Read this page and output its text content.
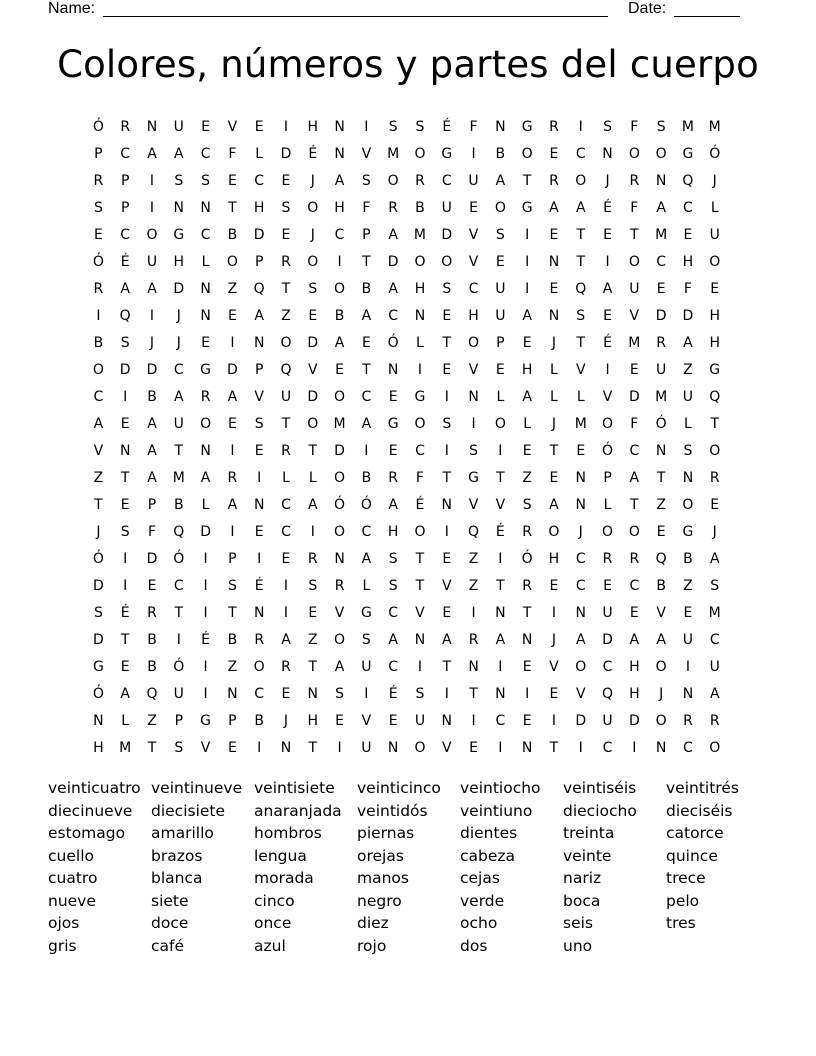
Name:	Date:
Colores, números y partes del cuerpo
Ó	R	N	U	E	V	E	I	H	N	I	S	S	É	F	N	G	R	I	S	F	S	M	M
P	C	A	A	C	F	L	D	É	N	V	M	O	G	I	B	O	E	C	N	O	O	G	Ó
R	P	I	S	S	E	C	E	J	A	S	O	R	C	U	A	T	R	O	J	R	N	Q	J
S	P	I	N	N	T	H	S	O	H	F	R	B	U	E	O	G	A	A	É	F	A	C	L
E	C	O	G	C	B	D	E	J	C	P	A	M	D	V	S	I	E	T	E	T	M	E	U
Ó	É	U	H	L	O	P	R	O	I	T	D	O	O	V	E	I	N	T	I	O	C	H	O
R	A	A	D	N	Z	Q	T	S	O	B	A	H	S	C	U	I	E	Q	A	U	E	F	E
I	Q	I	J	N	E	A	Z	E	B	A	C	N	E	H	U	A	N	S	E	V	D	D	H
B	S	J	J	E	I	N	O	D	A	E	Ó	L	T	O	P	E	J	T	É	M	R	A	H
O	D	D	C	G	D	P	Q	V	E	T	N	I	E	V	E	H	L	V	I	E	U	Z	G
C	I	B	A	R	A	V	U	D	O	C	E	G	I	N	L	A	L	L	V	D	M	U	Q
A	E	A	U	O	E	S	T	O	M	A	G	O	S	I	O	L	J	M	O	F	Ó	L	T
V	N	A	T	N	I	E	R	T	D	I	E	C	I	S	I	E	T	E	Ó	C	N	S	O
Z	T	A	M	A	R	I	L	L	O	B	R	F	T	G	T	Z	E	N	P	A	T	N	R
T	E	P	B	L	A	N	C	A	Ó	Ó	A	É	N	V	V	S	A	N	L	T	Z	O	E
J	S	F	Q	D	I	E	C	I	O	C	H	O	I	Q	É	R	O	J	O	O	E	G	J
Ó	I	D	Ó	I	P	I	E	R	N	A	S	T	E	Z	I	Ó	H	C	R	R	Q	B	A
D	I	E	C	I	S	É	I	S	R	L	S	T	V	Z	T	R	E	C	E	C	B	Z	S
S	É	R	T	I	T	N	I	E	V	G	C	V	E	I	N	T	I	N	U	E	V	E	M
D	T	B	I	É	B	R	A	Z	O	S	A	N	A	R	A	N	J	A	D	A	A	U	C
G	E	B	Ó	I	Z	O	R	T	A	U	C	I	T	N	I	E	V	O	C	H	O	I	U
Ó	A	Q	U	I	N	C	E	N	S	I	É	S	I	T	N	I	E	V	Q	H	J	N	A
N	L	Z	P	G	P	B	J	H	E	V	E	U	N	I	C	E	I	D	U	D	O	R	R
H	M	T	S	V	E	I	N	T	I	U	N	O	V	E	I	N	T	I	C	I	N	C	O
veinticuatro veintinueve veintisiete	veinticinco	veintiocho	veintiséis	veintitrés
diecinueve	diecisiete	anaranjada veintidós	veintiuno	dieciocho	dieciséis
estomago	amarillo	hombros	piernas	dientes	treinta	catorce
cuello	brazos	lengua	orejas	cabeza	veinte	quince
cuatro	blanca	morada	manos	cejas	nariz	trece
nueve	siete	cinco	negro	verde	boca	pelo
ojos	doce	once	diez	ocho	seis	tres
gris	café	azul	rojo	dos	uno
